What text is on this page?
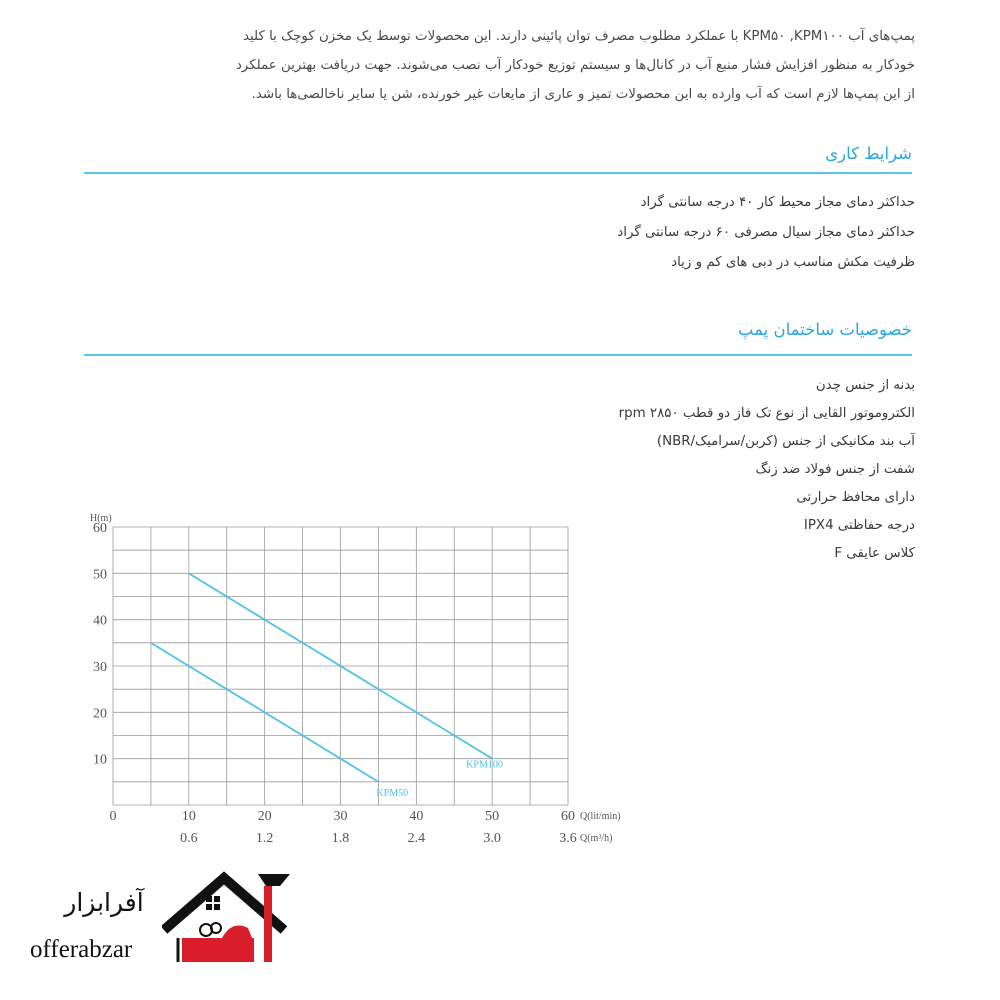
پمپ‌های آب KPM۵۰ ,KPM۱۰۰ با عملکرد مطلوب مصرف توان پائینی دارند. این محصولات توسط یک مخزن کوچک با کلید

خودکار به منظور افزایش فشار منبع آب در کانال‌ها و سیستم توزیع خودکار آب نصب می‌شوند. جهت دریافت بهترین عملکرد

از این پمپ‌ها لازم است که آب وارده به این محصولات تمیز و عاری از مایعات غیر خورنده، شن یا سایر ناخالصی‌ها باشد.

شرایط کاری
حداکثر دمای مجاز محیط کار ۴۰ درجه سانتی گراد
حداکثر دمای مجاز سیال مصرفی ۶۰ درجه سانتی گراد
ظرفیت مکش مناسب در دبی های کم و زیاد
خصوصیات ساختمان پمپ
بدنه از جنس چدن
الکتروموتور القایی از نوع تک فاز دو قطب rpm ۲۸۵۰
آب بند مکانیکی از جنس (کربن/سرامیک/NBR)
شفت از جنس فولاد ضد زنگ
دارای محافظ حرارتی
درجه حفاظتی IPX4
کلاس عایقی F
0	10	20	30	40	50	60
0.6	1.2	1.8	2.4	3.0	3.6
10
20
30
40
50
60
KPM100
KPM50
H(m)
Q(lit/min)
Q(m³/h)
آفرابزار
offerabzar
